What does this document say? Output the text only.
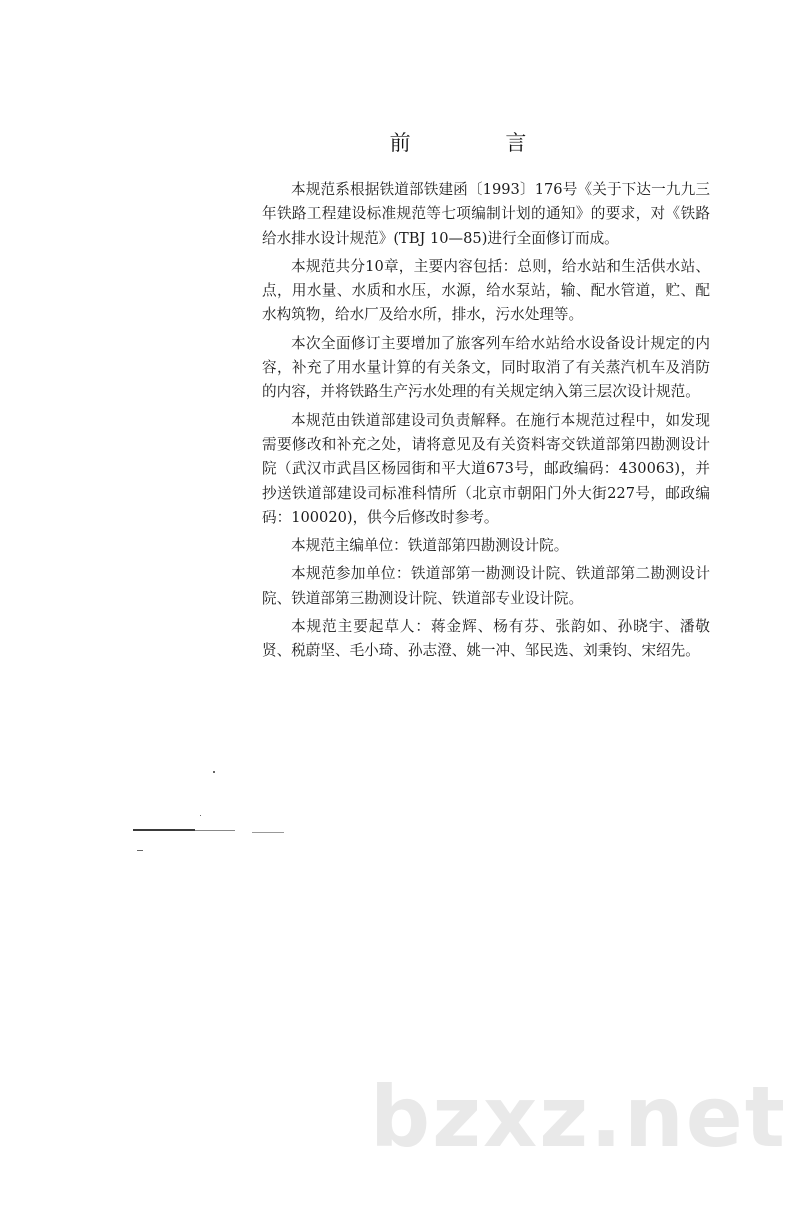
前 言

本规范系根据铁道部铁建函〔1993〕176号《关于下达一九九三年铁路工程建设标准规范等七项编制计划的通知》的要求，对《铁路给水排水设计规范》(TBJ 10—85)进行全面修订而成。

本规范共分10章，主要内容包括：总则，给水站和生活供水站、点，用水量、水质和水压，水源，给水泵站，输、配水管道，贮、配水构筑物，给水厂及给水所，排水，污水处理等。

本次全面修订主要增加了旅客列车给水站给水设备设计规定的内容，补充了用水量计算的有关条文，同时取消了有关蒸汽机车及消防的内容，并将铁路生产污水处理的有关规定纳入第三层次设计规范。

本规范由铁道部建设司负责解释。在施行本规范过程中，如发现需要修改和补充之处，请将意见及有关资料寄交铁道部第四勘测设计院（武汉市武昌区杨园街和平大道673号，邮政编码：430063)，并抄送铁道部建设司标准科情所（北京市朝阳门外大街227号，邮政编码：100020)，供今后修改时参考。

本规范主编单位：铁道部第四勘测设计院。

本规范参加单位：铁道部第一勘测设计院、铁道部第二勘测设计院、铁道部第三勘测设计院、铁道部专业设计院。

本规范主要起草人：蒋金辉、杨有芬、张韵如、孙晓宇、潘敬贤、税蔚坚、毛小琦、孙志澄、姚一冲、邹民选、刘秉钧、宋绍先。

bzxz.net
